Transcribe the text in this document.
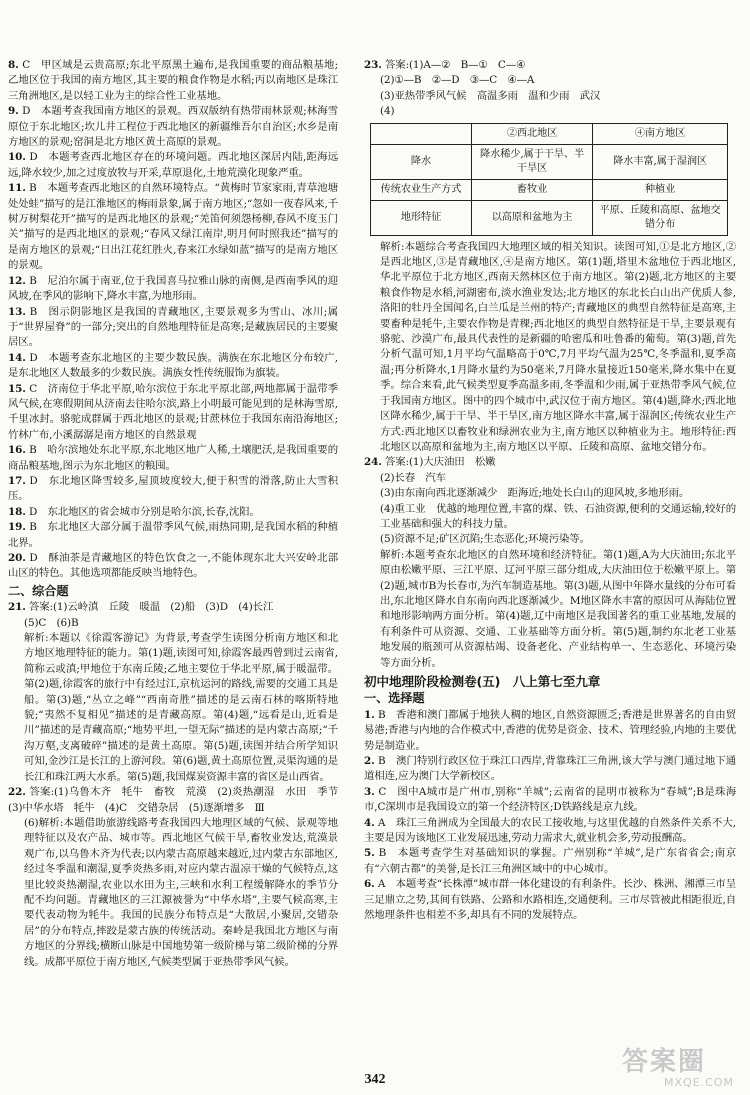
8. C　甲区域是云贵高原;东北平原黑土遍布,是我国重要的商品粮基地;乙地区位于我国的南方地区,其主要的粮食作物是水稻;丙以南地区是珠江三角洲地区,是以轻工业为主的综合性工业基地。

9. D　本题考查我国南方地区的景观。西双版纳有热带雨林景观;林海雪原位于东北地区;坎儿井工程位于西北地区的新疆维吾尔自治区;水乡是南方地区的景观;窑洞是北方地区黄土高原的景观。

10. D　本题考查西北地区存在的环境问题。西北地区深居内陆,距海远远,降水较少,加之过度放牧与开采,草原退化,土地荒漠化现象严重。

11. B　本题考查西北地区的自然环境特点。“黄梅时节家家雨,青草池塘处处蛙”描写的是江淮地区的梅雨景象,属于南方地区;“忽如一夜春风来,千树万树梨花开”描写的是西北地区的景观;“羌笛何须怨杨柳,春风不度玉门关”描写的是西北地区的景观;“春风又绿江南岸,明月何时照我还”描写的是南方地区的景观;“日出江花红胜火,春来江水绿如蓝”描写的是南方地区的景观。

12. B　尼泊尔属于南亚,位于我国喜马拉雅山脉的南侧,是西南季风的迎风坡,在季风的影响下,降水丰富,为地形雨。

13. B　图示阴影地区是我国的青藏地区,主要景观多为雪山、冰川;属于“世界屋脊”的一部分;突出的自然地理特征是高寒;是藏族居民的主要聚居区。

14. D　本题考查东北地区的主要少数民族。满族在东北地区分布较广,是东北地区人数最多的少数民族。满族女性传统服饰为旗装。

15. C　济南位于华北平原,哈尔滨位于东北平原北部,两地都属于温带季风气候,在寒假期间从济南去往哈尔滨,路上小明最可能见到的是林海雪原,千里冰封。骆驼成群属于西北地区的景观;甘蔗林位于我国东南沿海地区;竹林广布,小溪潺潺是南方地区的自然景观

16. B　哈尔滨地处东北平原,东北地区地广人稀,土壤肥沃,是我国重要的商品粮基地,图示为东北地区的粮囤。

17. D　东北地区降雪较多,屋顶坡度较大,便于积雪的滑落,防止大雪积压。

18. D　东北地区的省会城市分别是哈尔滨,长春,沈阳。

19. B　东北地区大部分属于温带季风气候,雨热同期,是我国水稻的种植北界。

20. D　酥油茶是青藏地区的特色饮食之一,不能体现东北大兴安岭北部山区的特色。其他选项都能反映当地特色。

二、综合题

21. 答案:(1)云岭滇　丘陵　暖温　(2)船　(3)D　(4)长江

(5)C　(6)B

解析:本题以《徐霞客游记》为背景,考查学生读图分析南方地区和北方地区地理特征的能力。第(1)题,读图可知,徐霞客最西曾到过云南省,简称云或滇;甲地位于东南丘陵;乙地主要位于华北平原,属于暖温带。第(2)题,徐霞客的旅行中有经过江,京杭运河的路线,需要的交通工具是船。第(3)题,“丛立之峰”“西南奇胜”描述的是云南石林的喀斯特地貌;“夷然不复相见”描述的是青藏高原。第(4)题,“远看是山,近看是川”描述的是青藏高原;“地势平坦,一望无际”描述的是内蒙古高原;“千沟万壑,支离破碎”描述的是黄土高原。第(5)题,读图并结合所学知识可知,金沙江是长江的上游河段。第(6)题,黄土高原位置,灵渠沟通的是长江和珠江两大水系。第(5)题,我国煤炭资源丰富的省区是山西省。

22. 答案:(1)乌鲁木齐　牦牛　畜牧　荒漠　(2)炎热潮湿　水田　季节　(3)中华水塔　牦牛　(4)C　交错杂居　(5)逐渐增多　Ⅲ

(6)解析:本题借助旅游线路考查我国四大地理区域的气候、景观等地理特征以及农产品、城市等。西北地区气候干旱,畜牧业发达,荒漠景观广布,以乌鲁木齐为代表;以内蒙古高原越来越近,过内蒙古东部地区,经过冬季温和潮湿,夏季炎热多雨,对应内蒙古温凉干燥的气候特点,这里比较炎热潮湿,农业以水田为主,三峡和水利工程缓解降水的季节分配不均问题。青藏地区的三江源被誉为“中华水塔”,主要气候高寒,主要代表动物为牦牛。我国的民族分布特点是“大散居,小聚居,交错杂居”的分布特点,摔跤是蒙古族的传统活动。秦岭是我国北方地区与南方地区的分界线;横断山脉是中国地势第一级阶梯与第二级阶梯的分界线。成都平原位于南方地区,气候类型属于亚热带季风气候。

23. 答案:(1)A—②　B—①　C—④

(2)①—B　②—D　③—C　④—A

(3)亚热带季风气候　高温多雨　温和少雨　武汉

(4)

	②西北地区	④南方地区
降水	降水稀少,属于干旱、半干旱区	降水丰富,属于湿润区
传统农业生产方式	畜牧业	种植业
地形特征	以高原和盆地为主	平原、丘陵和高原、盆地交错分布

解析:本题综合考查我国四大地理区域的相关知识。读图可知,①是北方地区,②是西北地区,③是青藏地区,④是南方地区。第(1)题,塔里木盆地位于西北地区,华北平原位于北方地区,西南天然林区位于南方地区。第(2)题,北方地区的主要粮食作物是水稻,河湖密布,淡水渔业发达;北方地区的东北长白山出产优质人参,洛阳的牡丹全国闻名,白兰瓜是兰州的特产;青藏地区的典型自然特征是高寒,主要畜种是牦牛,主要农作物是青稞;西北地区的典型自然特征是干旱,主要景观有骆驼、沙漠广布,最具代表性的是新疆的哈密瓜和吐鲁番的葡萄。第(3)题,首先分析气温可知,1月平均气温略高于0℃,7月平均气温为25℃,冬季温和,夏季高温;再分析降水,1月降水量约为50毫米,7月降水量接近150毫米,降水集中在夏季。综合来看,此气候类型夏季高温多雨,冬季温和少雨,属于亚热带季风气候,位于我国南方地区。图中的四个城市中,武汉位于南方地区。第(4)题,降水;西北地区降水稀少,属于干旱、半干旱区,南方地区降水丰富,属于湿润区;传统农业生产方式:西北地区以畜牧业和绿洲农业为主,南方地区以种植业为主。地形特征:西北地区以高原和盆地为主,南方地区以平原、丘陵和高原、盆地交错分布。

24. 答案:(1)大庆油田　松嫩

(2)长春　汽车

(3)由东南向西北逐渐减少　距海近;地处长白山的迎风坡,多地形雨。

(4)重工业　优越的地理位置,丰富的煤、铁、石油资源,便利的交通运输,较好的工业基础和强大的科技力量。

(5)资源不足;矿区沉陷;生态恶化;环境污染等。

解析:本题考查东北地区的自然环境和经济特征。第(1)题,A为大庆油田;东北平原由松嫩平原、三江平原、辽河平原三部分组成,大庆油田位于松嫩平原上。第(2)题,城市B为长春市,为汽车制造基地。第(3)题,从图中年降水量线的分布可看出,东北地区降水自东南向西北逐渐减少。M地区降水丰富的原因可从海陆位置和地形影响两方面分析。第(4)题,辽中南地区是我国著名的重工业基地,发展的有利条件可从资源、交通、工业基础等方面分析。第(5)题,制约东北老工业基地发展的瓶颈可从资源枯竭、设备老化、产业结构单一、生态恶化、环境污染等方面分析。

初中地理阶段检测卷(五)　八上第七至九章
一、选择题

1. B　香港和澳门都属于地狭人稠的地区,自然资源匮乏;香港是世界著名的自由贸易港;香港与内地的合作模式中,香港的优势是资金、技术、管理经验,内地的主要优势是制造业。

2. B　澳门特别行政区位于珠江口西岸,背靠珠江三角洲,该大学与澳门通过地下通道相连,应为澳门大学新校区。

3. C　图中A城市是广州市,别称“羊城”;云南省的昆明市被称为“春城”;B是珠海市,C深圳市是我国设立的第一个经济特区;D铁路线是京九线。

4. A　珠江三角洲成为全国最大的农民工接收地,与这里优越的自然条件关系不大,主要是因为该地区工业发展迅速,劳动力需求大,就业机会多,劳动报酬高。

5. B　本题考查学生对基础知识的掌握。广州别称“羊城”,是广东省省会;南京有“六朝古都”的美誉,是长江三角洲区域中的中心城市。

6. A　本题考查“长株潭”城市群一体化建设的有利条件。长沙、株洲、湘潭三市呈三足鼎立之势,其间有铁路、公路和水路相连,交通便利。三市尽管被此相距很近,自然地理条件也相差不多,却具有不同的发展特点。

342
答案圈
MXQE.COM
